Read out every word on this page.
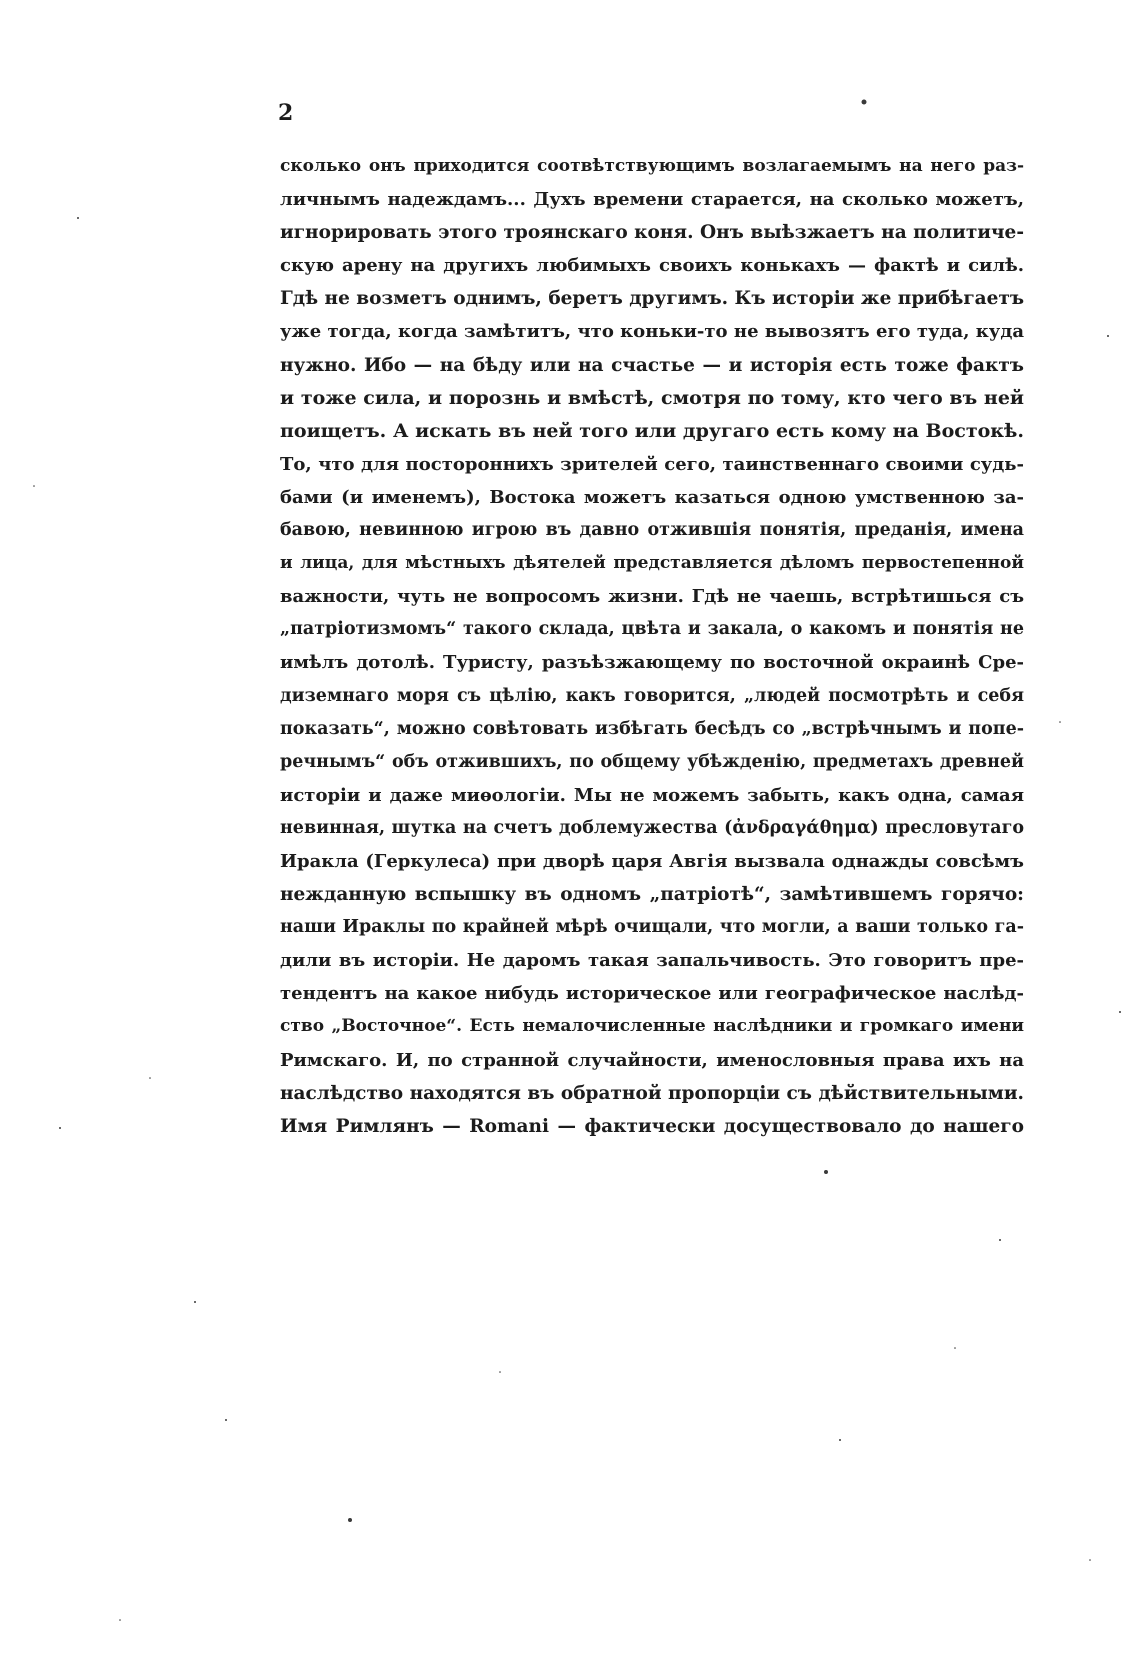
2
сколько онъ приходится соотвѣтствующимъ возлагаемымъ на него раз-
личнымъ надеждамъ... Духъ времени старается, на сколько можетъ,
игнорировать этого троянскаго коня. Онъ выѣзжаетъ на политиче-
скую арену на другихъ любимыхъ своихъ конькахъ — фактѣ и силѣ.
Гдѣ не возметъ однимъ, беретъ другимъ. Къ исторіи же прибѣгаетъ
уже тогда, когда замѣтитъ, что коньки-то не вывозятъ его туда, куда
нужно. Ибо — на бѣду или на счастье — и исторія есть тоже фактъ
и тоже сила, и порознь и вмѣстѣ, смотря по тому, кто чего въ ней
поищетъ. А искать въ ней того или другаго есть кому на Востокѣ.
То, что для постороннихъ зрителей сего, таинственнаго своими судь-
бами (и именемъ), Востока можетъ казаться одною умственною за-
бавою, невинною игрою въ давно отжившія понятія, преданія, имена
и лица, для мѣстныхъ дѣятелей представляется дѣломъ первостепенной
важности, чуть не вопросомъ жизни. Гдѣ не чаешь, встрѣтишься съ
„патріотизмомъ“ такого склада, цвѣта и закала, о какомъ и понятія не
имѣлъ дотолѣ. Туристу, разъѣзжающему по восточной окраинѣ Сре-
диземнаго моря съ цѣлію, какъ говорится, „людей посмотрѣть и себя
показать“, можно совѣтовать избѣгать бесѣдъ со „встрѣчнымъ и попе-
речнымъ“ объ отжившихъ, по общему убѣжденію, предметахъ древней
исторіи и даже миѳологіи. Мы не можемъ забыть, какъ одна, самая
невинная, шутка на счетъ доблемужества (ἀνδραγάθημα) пресловутаго
Иракла (Геркулеса) при дворѣ царя Авгія вызвала однажды совсѣмъ
нежданную вспышку въ одномъ „патріотѣ“, замѣтившемъ горячо:
наши Ираклы по крайней мѣрѣ очищали, что могли, а ваши только га-
дили въ исторіи. Не даромъ такая запальчивость. Это говоритъ пре-
тендентъ на какое нибудь историческое или географическое наслѣд-
ство „Восточное“. Есть немалочисленные наслѣдники и громкаго имени
Римскаго. И, по странной случайности, именословныя права ихъ на
наслѣдство находятся въ обратной пропорціи съ дѣйствительными.
Имя Римлянъ — Romani — фактически досуществовало до нашего
